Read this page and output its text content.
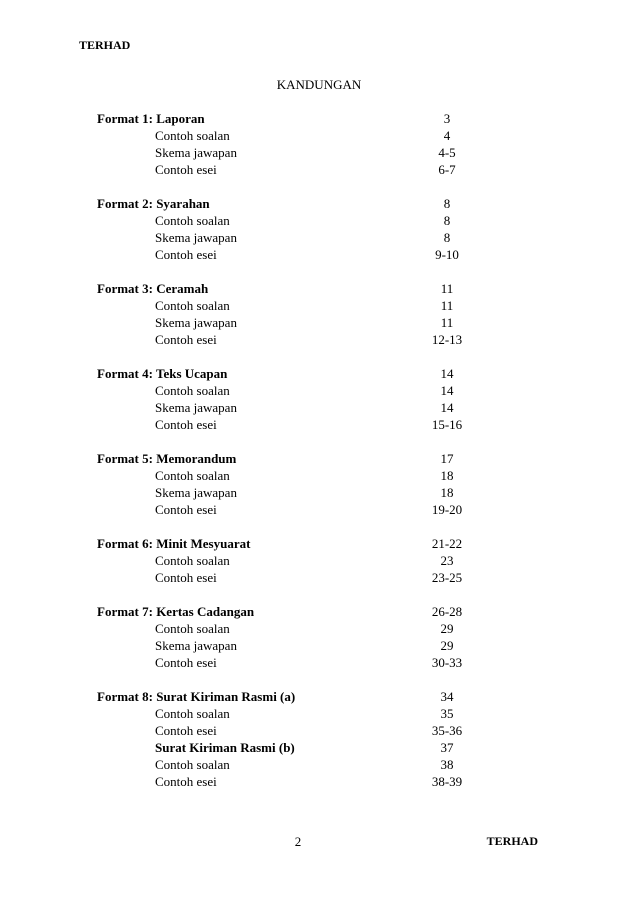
TERHAD
KANDUNGAN
Format 1: Laporan	3
Contoh soalan	4
Skema jawapan	4-5
Contoh esei	6-7
Format 2: Syarahan	8
Contoh soalan	8
Skema jawapan	8
Contoh esei	9-10
Format 3: Ceramah	11
Contoh soalan	11
Skema jawapan	11
Contoh esei	12-13
Format 4: Teks Ucapan	14
Contoh soalan	14
Skema jawapan	14
Contoh esei	15-16
Format 5: Memorandum	17
Contoh soalan	18
Skema jawapan	18
Contoh esei	19-20
Format 6: Minit Mesyuarat	21-22
Contoh soalan	23
Contoh esei	23-25
Format 7: Kertas Cadangan	26-28
Contoh soalan	29
Skema jawapan	29
Contoh esei	30-33
Format 8: Surat Kiriman Rasmi (a)	34
Contoh soalan	35
Contoh esei	35-36
Surat Kiriman Rasmi (b)	37
Contoh soalan	38
Contoh esei	38-39
2	TERHAD
